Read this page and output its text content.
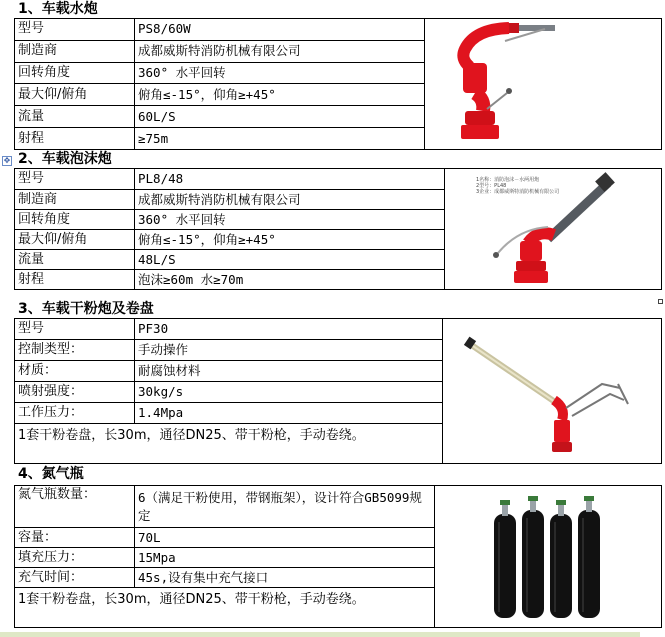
1、车载水炮
型号	PS8/60W	

制造商	成都威斯特消防机械有限公司	
回转角度	360° 水平回转	
最大仰/俯角	俯角≤-15°，仰角≥+45°	
流量	60L/S	
射程	≥75m	
✥ 2、车载泡沫炮
型号	PL8/48	1名称：消防泡沫－水两用炮
2型号：PL48
3企业：成都威斯特消防机械有限公司

制造商	成都威斯特消防机械有限公司	
回转角度	360° 水平回转	
最大仰/俯角	俯角≤-15°，仰角≥+45°	
流量	48L/S	
射程	泡沫≥60m 水≥70m	
3、车载干粉炮及卷盘
型号	PF30	

控制类型：	手动操作	
材质：	耐腐蚀材料	
喷射强度：	30kg/s	
工作压力：	1.4Mpa	
1套干粉卷盘，长30m，通径DN25、带干粉枪，手动卷绕。		
4、氮气瓶
氮气瓶数量：	6（满足干粉使用，带钢瓶架），设计符合GB5099规定	

容量：	70L	
填充压力：	15Mpa	
充气时间：	45s,设有集中充气接口	
1套干粉卷盘，长30m，通径DN25、带干粉枪，手动卷绕。		
